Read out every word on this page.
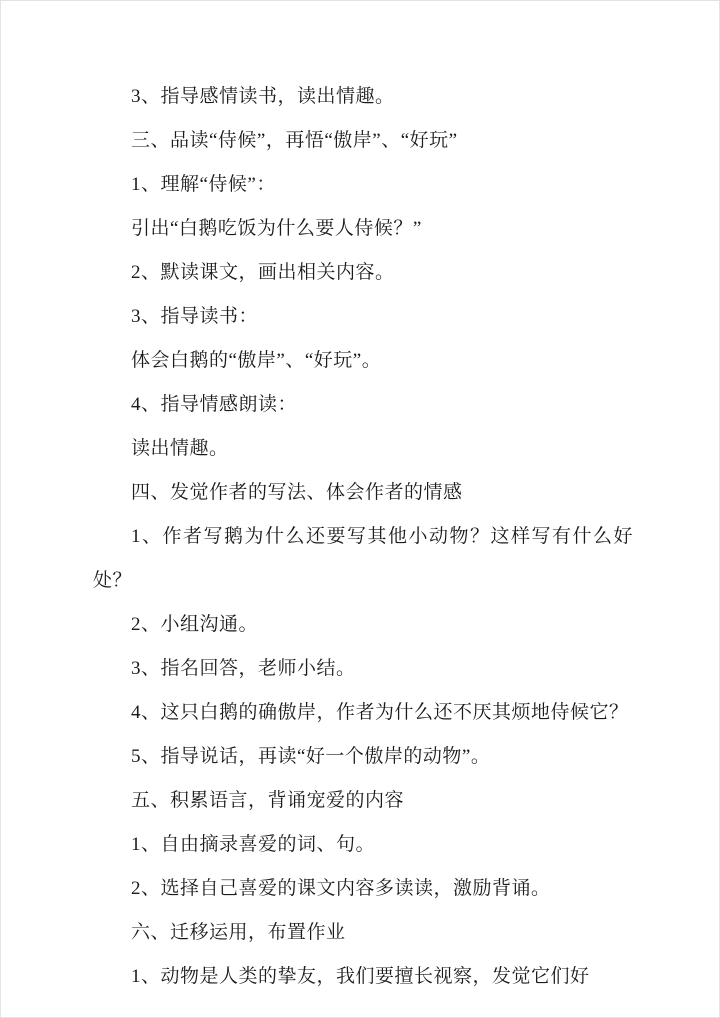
3、指导感情读书，读出情趣。

三、品读“侍候”，再悟“傲岸”、“好玩”

1、理解“侍候”：

引出“白鹅吃饭为什么要人侍候？”

2、默读课文，画出相关内容。

3、指导读书：

体会白鹅的“傲岸”、“好玩”。

4、指导情感朗读：

读出情趣。

四、发觉作者的写法、体会作者的情感

1、作者写鹅为什么还要写其他小动物？这样写有什么好处？

2、小组沟通。

3、指名回答，老师小结。

4、这只白鹅的确傲岸，作者为什么还不厌其烦地侍候它？

5、指导说话，再读“好一个傲岸的动物”。

五、积累语言，背诵宠爱的内容

1、自由摘录喜爱的词、句。

2、选择自己喜爱的课文内容多读读，激励背诵。

六、迁移运用，布置作业

1、动物是人类的挚友，我们要擅长视察，发觉它们好
